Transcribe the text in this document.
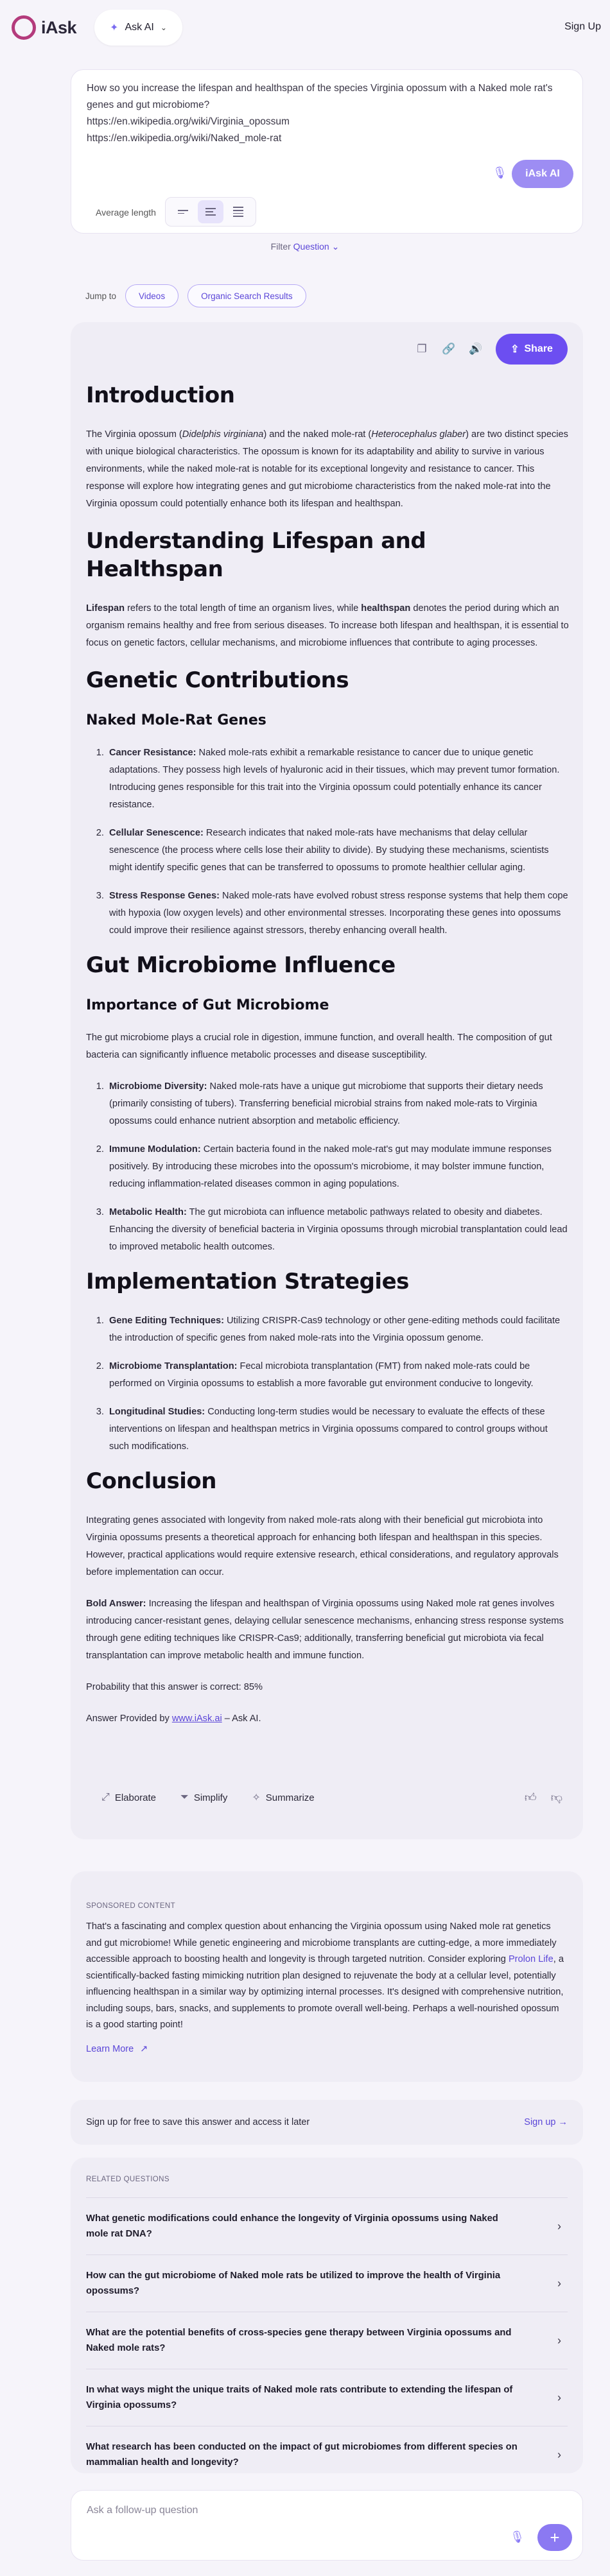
iAsk	✦ Ask AI ⌄	Sign Up
How so you increase the lifespan and healthspan of the species Virginia opossum with a Naked mole rat's genes and gut microbiome?
https://en.wikipedia.org/wiki/Virginia_opossum
https://en.wikipedia.org/wiki/Naked_mole-rat
🎙	iAsk AI
Average length
Filter Question ⌄
Jump to	Videos	Organic Search Results
❐ 🔗 🔊	⇪ Share
Introduction

The Virginia opossum (Didelphis virginiana) and the naked mole-rat (Heterocephalus glaber) are two distinct species with unique biological characteristics. The opossum is known for its adaptability and ability to survive in various environments, while the naked mole-rat is notable for its exceptional longevity and resistance to cancer. This response will explore how integrating genes and gut microbiome characteristics from the naked mole-rat into the Virginia opossum could potentially enhance both its lifespan and healthspan.

Understanding Lifespan and Healthspan

Lifespan refers to the total length of time an organism lives, while healthspan denotes the period during which an organism remains healthy and free from serious diseases. To increase both lifespan and healthspan, it is essential to focus on genetic factors, cellular mechanisms, and microbiome influences that contribute to aging processes.

Genetic Contributions
Naked Mole-Rat Genes
1. Cancer Resistance: Naked mole-rats exhibit a remarkable resistance to cancer due to unique genetic adaptations. They possess high levels of hyaluronic acid in their tissues, which may prevent tumor formation. Introducing genes responsible for this trait into the Virginia opossum could potentially enhance its cancer resistance.
2. Cellular Senescence: Research indicates that naked mole-rats have mechanisms that delay cellular senescence (the process where cells lose their ability to divide). By studying these mechanisms, scientists might identify specific genes that can be transferred to opossums to promote healthier cellular aging.
3. Stress Response Genes: Naked mole-rats have evolved robust stress response systems that help them cope with hypoxia (low oxygen levels) and other environmental stresses. Incorporating these genes into opossums could improve their resilience against stressors, thereby enhancing overall health.
Gut Microbiome Influence
Importance of Gut Microbiome

The gut microbiome plays a crucial role in digestion, immune function, and overall health. The composition of gut bacteria can significantly influence metabolic processes and disease susceptibility.

1. Microbiome Diversity: Naked mole-rats have a unique gut microbiome that supports their dietary needs (primarily consisting of tubers). Transferring beneficial microbial strains from naked mole-rats to Virginia opossums could enhance nutrient absorption and metabolic efficiency.
2. Immune Modulation: Certain bacteria found in the naked mole-rat's gut may modulate immune responses positively. By introducing these microbes into the opossum's microbiome, it may bolster immune function, reducing inflammation-related diseases common in aging populations.
3. Metabolic Health: The gut microbiota can influence metabolic pathways related to obesity and diabetes. Enhancing the diversity of beneficial bacteria in Virginia opossums through microbial transplantation could lead to improved metabolic health outcomes.
Implementation Strategies
1. Gene Editing Techniques: Utilizing CRISPR-Cas9 technology or other gene-editing methods could facilitate the introduction of specific genes from naked mole-rats into the Virginia opossum genome.
2. Microbiome Transplantation: Fecal microbiota transplantation (FMT) from naked mole-rats could be performed on Virginia opossums to establish a more favorable gut environment conducive to longevity.
3. Longitudinal Studies: Conducting long-term studies would be necessary to evaluate the effects of these interventions on lifespan and healthspan metrics in Virginia opossums compared to control groups without such modifications.
Conclusion

Integrating genes associated with longevity from naked mole-rats along with their beneficial gut microbiota into Virginia opossums presents a theoretical approach for enhancing both lifespan and healthspan in this species. However, practical applications would require extensive research, ethical considerations, and regulatory approvals before implementation can occur.

Bold Answer: Increasing the lifespan and healthspan of Virginia opossums using Naked mole rat genes involves introducing cancer-resistant genes, delaying cellular senescence mechanisms, enhancing stress response systems through gene editing techniques like CRISPR-Cas9; additionally, transferring beneficial gut microbiota via fecal transplantation can improve metabolic health and immune function.

Probability that this answer is correct: 85%

Answer Provided by www.iAsk.ai – Ask AI.

⤢ Elaborate ⏷ Simplify ✧ Summarize	👍︎ 👎︎
SPONSORED CONTENT
That's a fascinating and complex question about enhancing the Virginia opossum using Naked mole rat genetics and gut microbiome! While genetic engineering and microbiome transplants are cutting-edge, a more immediately accessible approach to boosting health and longevity is through targeted nutrition. Consider exploring Prolon Life, a scientifically-backed fasting mimicking nutrition plan designed to rejuvenate the body at a cellular level, potentially influencing healthspan in a similar way by optimizing internal processes. It's designed with comprehensive nutrition, including soups, bars, snacks, and supplements to promote overall well-being. Perhaps a well-nourished opossum is a good starting point!
Learn More ↗
Sign up for free to save this answer and access it later	Sign up →
RELATED QUESTIONS
What genetic modifications could enhance the longevity of Virginia opossums using Naked mole rat DNA?
›
How can the gut microbiome of Naked mole rats be utilized to improve the health of Virginia opossums?
›
What are the potential benefits of cross-species gene therapy between Virginia opossums and Naked mole rats?
›
In what ways might the unique traits of Naked mole rats contribute to extending the lifespan of Virginia opossums?
›
What research has been conducted on the impact of gut microbiomes from different species on mammalian health and longevity?
›
Ask a follow-up question
🎙	+
